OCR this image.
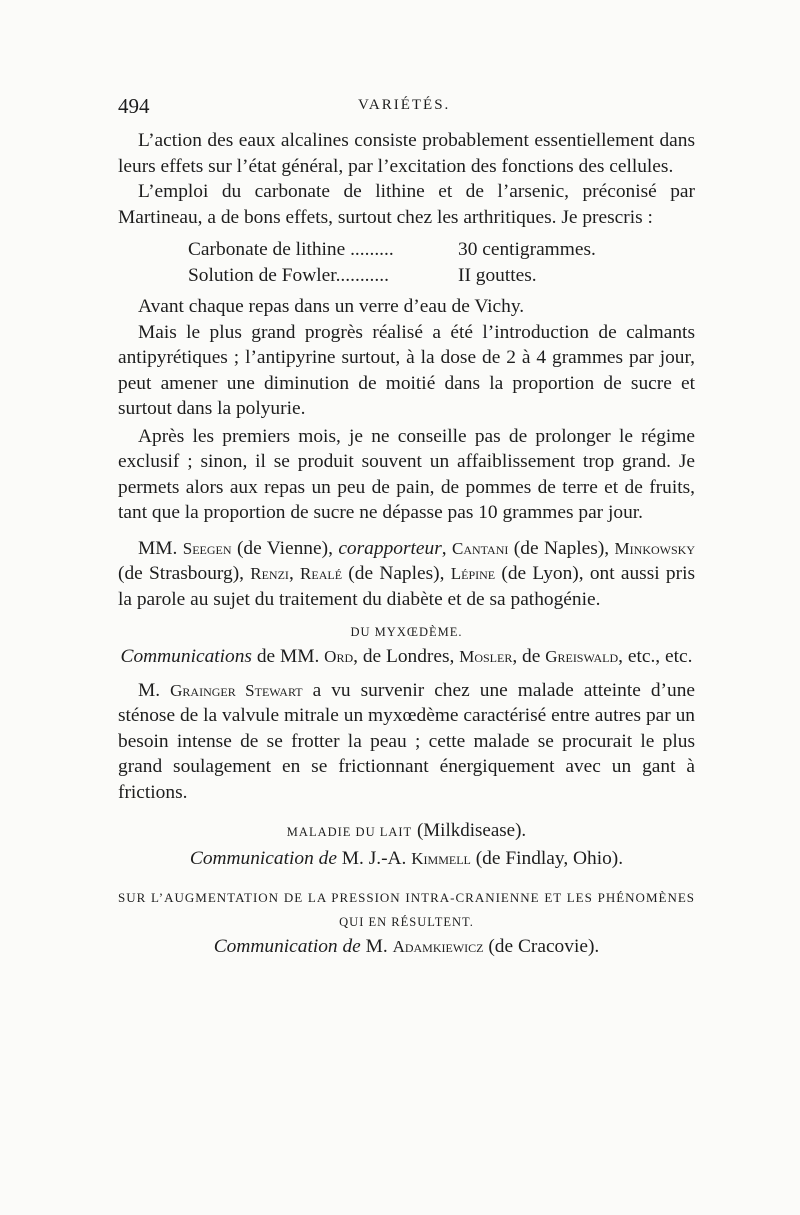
494	VARIÉTÉS.

L’action des eaux alcalines consiste probablement essentiellement dans leurs effets sur l’état général, par l’excitation des fonctions des cellules.

L’emploi du carbonate de lithine et de l’arsenic, préconisé par Martineau, a de bons effets, surtout chez les arthritiques. Je prescris :

Carbonate de lithine .........	30 centigrammes.
Solution de Fowler...........	II gouttes.

Avant chaque repas dans un verre d’eau de Vichy.

Mais le plus grand progrès réalisé a été l’introduction de calmants antipyrétiques ; l’antipyrine surtout, à la dose de 2 à 4 grammes par jour, peut amener une diminution de moitié dans la proportion de sucre et surtout dans la polyurie.

Après les premiers mois, je ne conseille pas de prolonger le régime exclusif ; sinon, il se produit souvent un affaiblissement trop grand. Je permets alors aux repas un peu de pain, de pommes de terre et de fruits, tant que la proportion de sucre ne dépasse pas 10 grammes par jour.

MM. Seegen (de Vienne), corapporteur, Cantani (de Naples), Minkowsky (de Strasbourg), Renzi, Realé (de Naples), Lépine (de Lyon), ont aussi pris la parole au sujet du traitement du diabète et de sa pathogénie.

DU MYXŒDÈME.

Communications de MM. Ord, de Londres, Mosler, de Greiswald, etc., etc.

M. Grainger Stewart a vu survenir chez une malade atteinte d’une sténose de la valvule mitrale un myxœdème caractérisé entre autres par un besoin intense de se frotter la peau ; cette malade se procurait le plus grand soulagement en se frictionnant énergiquement avec un gant à frictions.

MALADIE DU LAIT (Milkdisease).

Communication de M. J.-A. Kimmell (de Findlay, Ohio).

SUR L’AUGMENTATION DE LA PRESSION INTRA-CRANIENNE ET LES PHÉNOMÈNES
QUI EN RÉSULTENT.

Communication de M. Adamkiewicz (de Cracovie).
